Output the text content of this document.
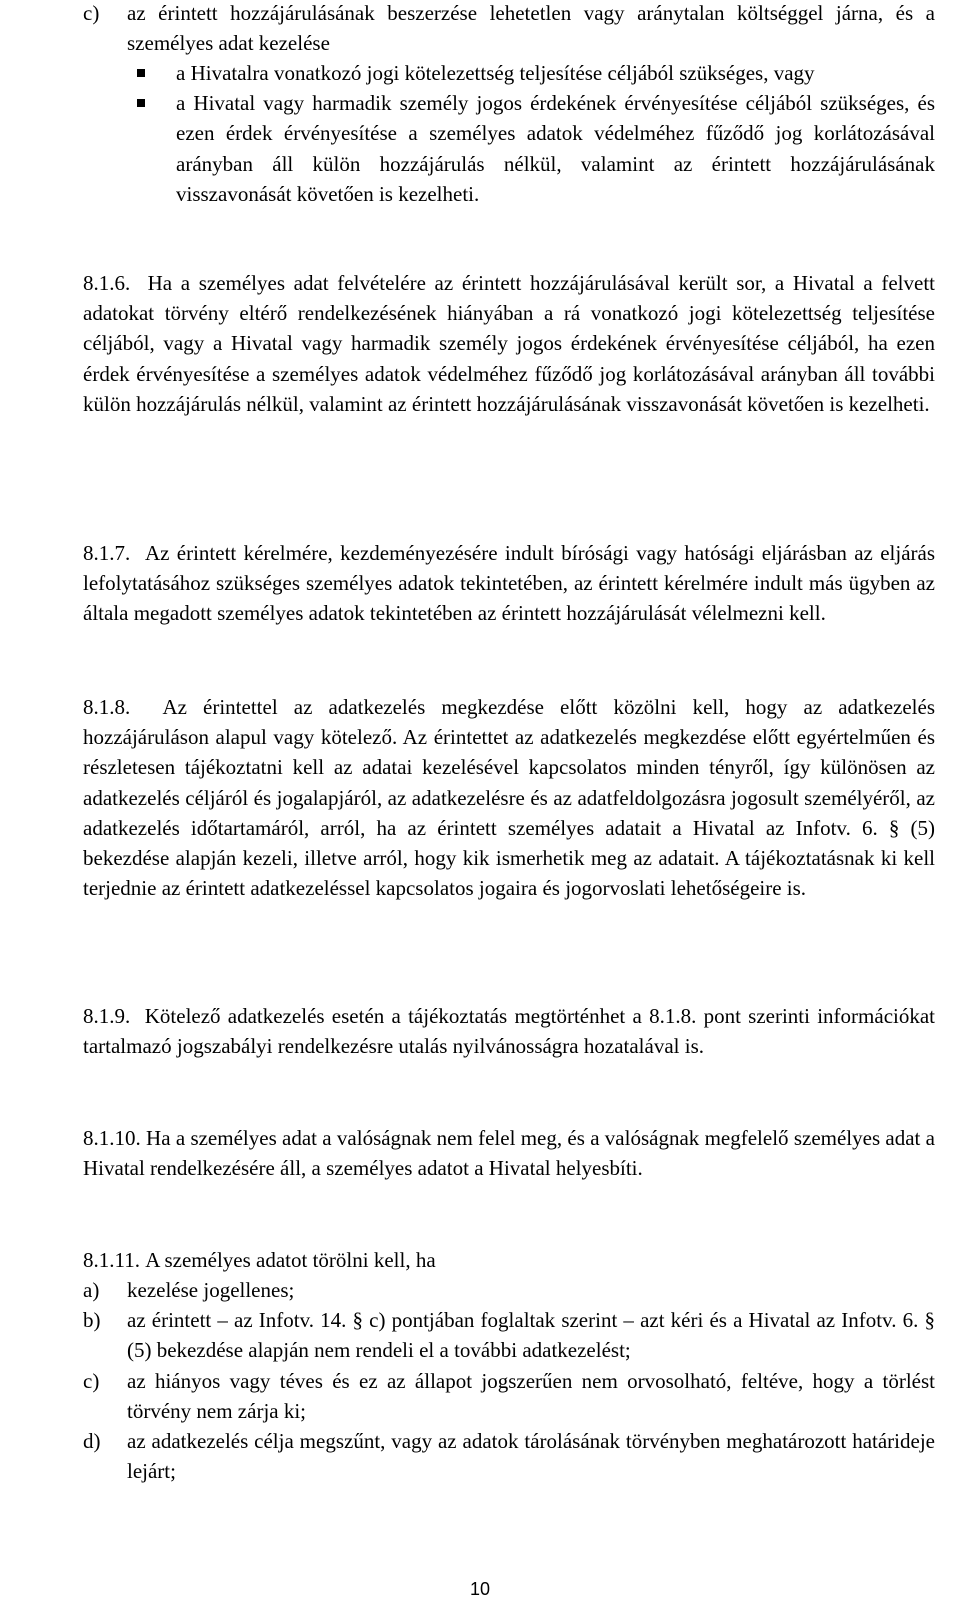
c) az érintett hozzájárulásának beszerzése lehetetlen vagy aránytalan költséggel járna, és a személyes adat kezelése
a Hivatalra vonatkozó jogi kötelezettség teljesítése céljából szükséges, vagy
a Hivatal vagy harmadik személy jogos érdekének érvényesítése céljából szükséges, és ezen érdek érvényesítése a személyes adatok védelméhez fűződő jog korlátozásával arányban áll külön hozzájárulás nélkül, valamint az érintett hozzájárulásának visszavonását követően is kezelheti.
8.1.6. Ha a személyes adat felvételére az érintett hozzájárulásával került sor, a Hivatal a felvett adatokat törvény eltérő rendelkezésének hiányában a rá vonatkozó jogi kötelezettség teljesítése céljából, vagy a Hivatal vagy harmadik személy jogos érdekének érvényesítése céljából, ha ezen érdek érvényesítése a személyes adatok védelméhez fűződő jog korlátozásával arányban áll további külön hozzájárulás nélkül, valamint az érintett hozzájárulásának visszavonását követően is kezelheti.
8.1.7. Az érintett kérelmére, kezdeményezésére indult bírósági vagy hatósági eljárásban az eljárás lefolytatásához szükséges személyes adatok tekintetében, az érintett kérelmére indult más ügyben az általa megadott személyes adatok tekintetében az érintett hozzájárulását vélelmezni kell.
8.1.8. Az érintettel az adatkezelés megkezdése előtt közölni kell, hogy az adatkezelés hozzájáruláson alapul vagy kötelező. Az érintettet az adatkezelés megkezdése előtt egyértelműen és részletesen tájékoztatni kell az adatai kezelésével kapcsolatos minden tényről, így különösen az adatkezelés céljáról és jogalapjáról, az adatkezelésre és az adatfeldolgozásra jogosult személyéről, az adatkezelés időtartamáról, arról, ha az érintett személyes adatait a Hivatal az Infotv. 6. § (5) bekezdése alapján kezeli, illetve arról, hogy kik ismerhetik meg az adatait. A tájékoztatásnak ki kell terjednie az érintett adatkezeléssel kapcsolatos jogaira és jogorvoslati lehetőségeire is.
8.1.9. Kötelező adatkezelés esetén a tájékoztatás megtörténhet a 8.1.8. pont szerinti információkat tartalmazó jogszabályi rendelkezésre utalás nyilvánosságra hozatalával is.
8.1.10. Ha a személyes adat a valóságnak nem felel meg, és a valóságnak megfelelő személyes adat a Hivatal rendelkezésére áll, a személyes adatot a Hivatal helyesbíti.
8.1.11. A személyes adatot törölni kell, ha
a) kezelése jogellenes;
b) az érintett – az Infotv. 14. § c) pontjában foglaltak szerint – azt kéri és a Hivatal az Infotv. 6. § (5) bekezdése alapján nem rendeli el a további adatkezelést;
c) az hiányos vagy téves és ez az állapot jogszerűen nem orvosolható, feltéve, hogy a törlést törvény nem zárja ki;
d) az adatkezelés célja megszűnt, vagy az adatok tárolásának törvényben meghatározott határideje lejárt;
10
